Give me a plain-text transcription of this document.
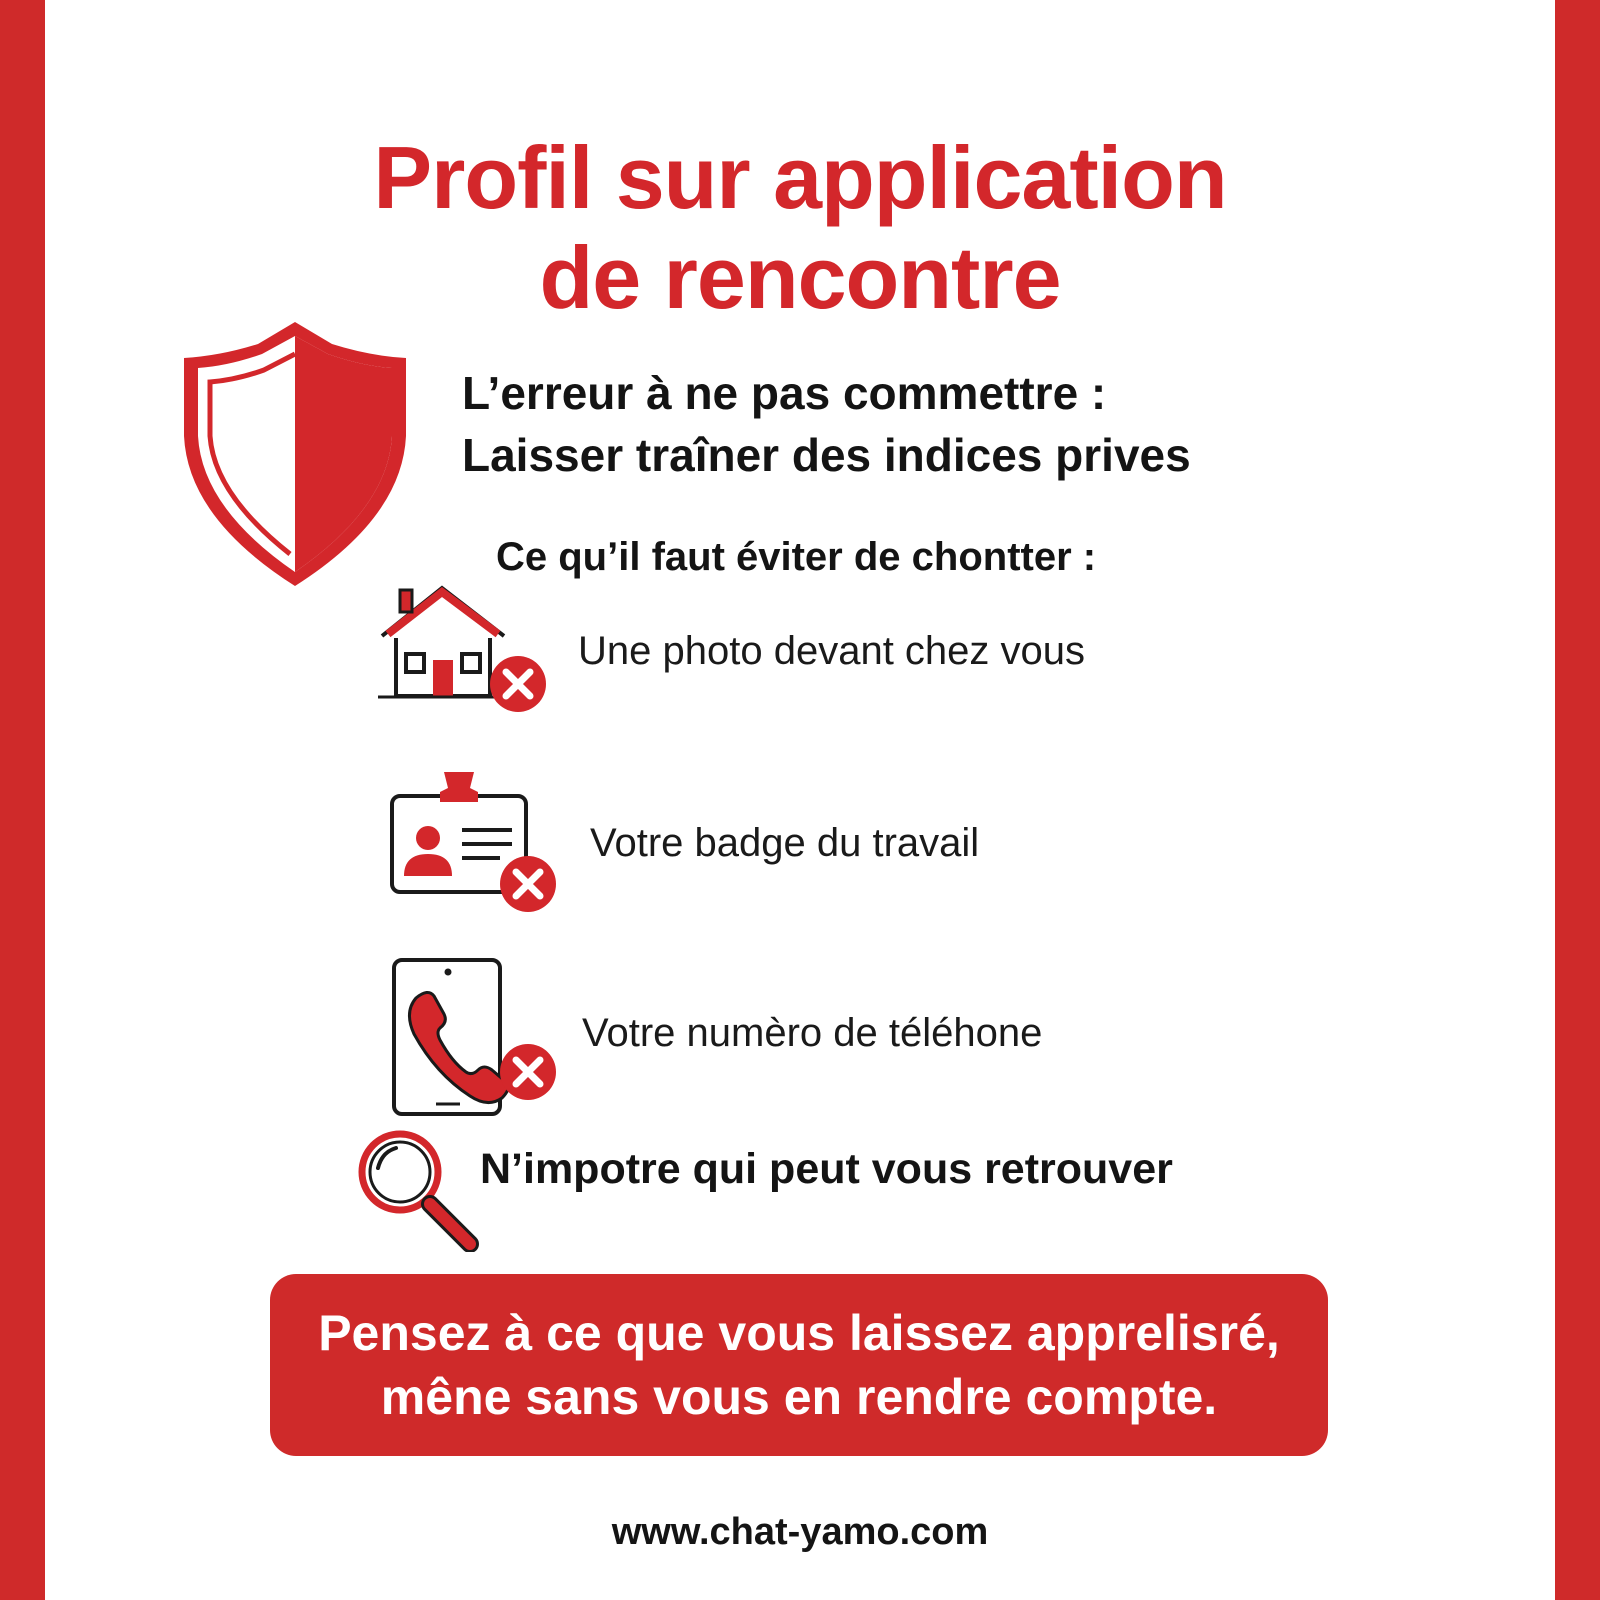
Profil sur application
de rencontre
L’erreur à ne pas commettre :
Laisser traîner des indices prives
Ce qu’il faut éviter de chontter :
Une photo devant chez vous
Votre badge du travail
Votre numèro de téléhone
N’impotre qui peut vous retrouver
Pensez à ce que vous laissez apprelisré,
mêne sans vous en rendre compte.
www.chat-yamo.com
